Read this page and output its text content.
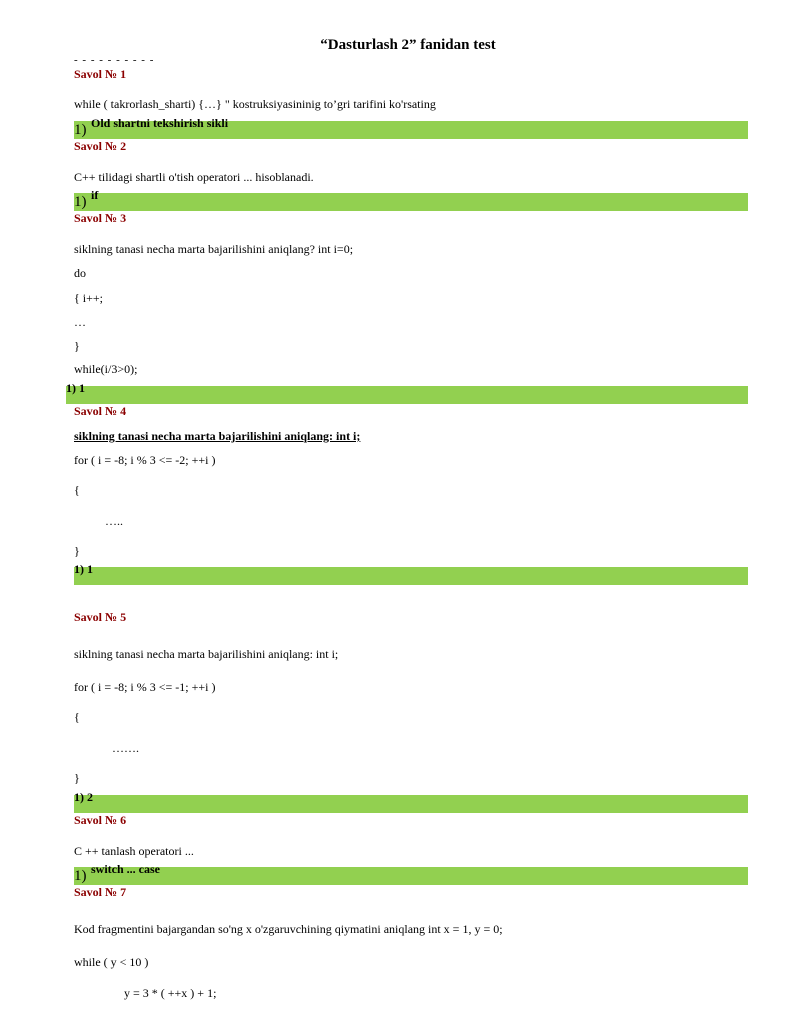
“Dasturlash 2” fanidan test
- - - - - - - - - -
Savol № 1
while ( takrorlash_sharti) {…} " kostruksiyasininig to’gri tarifini ko'rsating
1) Old shartni tekshirish sikli
Savol № 2
C++ tilidagi shartli o'tish operatori ... hisoblanadi.
1) if
Savol № 3
siklning tanasi necha marta bajarilishini aniqlang? int i=0;
do
{ i++;
…
}
while(i/3>0);
1) 1
Savol № 4
siklning tanasi necha marta bajarilishini aniqlang: int i;
for ( i = -8; i % 3 <= -2; ++i )
{
…..
}
1) 1
Savol № 5
siklning tanasi necha marta bajarilishini aniqlang: int i;
for ( i = -8; i % 3 <= -1; ++i )
{
…….
}
1) 2
Savol № 6
C ++ tanlash operatori ...
1) switch ... case
Savol № 7
Kod fragmentini bajargandan so'ng x o'zgaruvchining qiymatini aniqlang int x = 1, y = 0;
while ( y < 10 )
y = 3 * ( ++x ) + 1;
